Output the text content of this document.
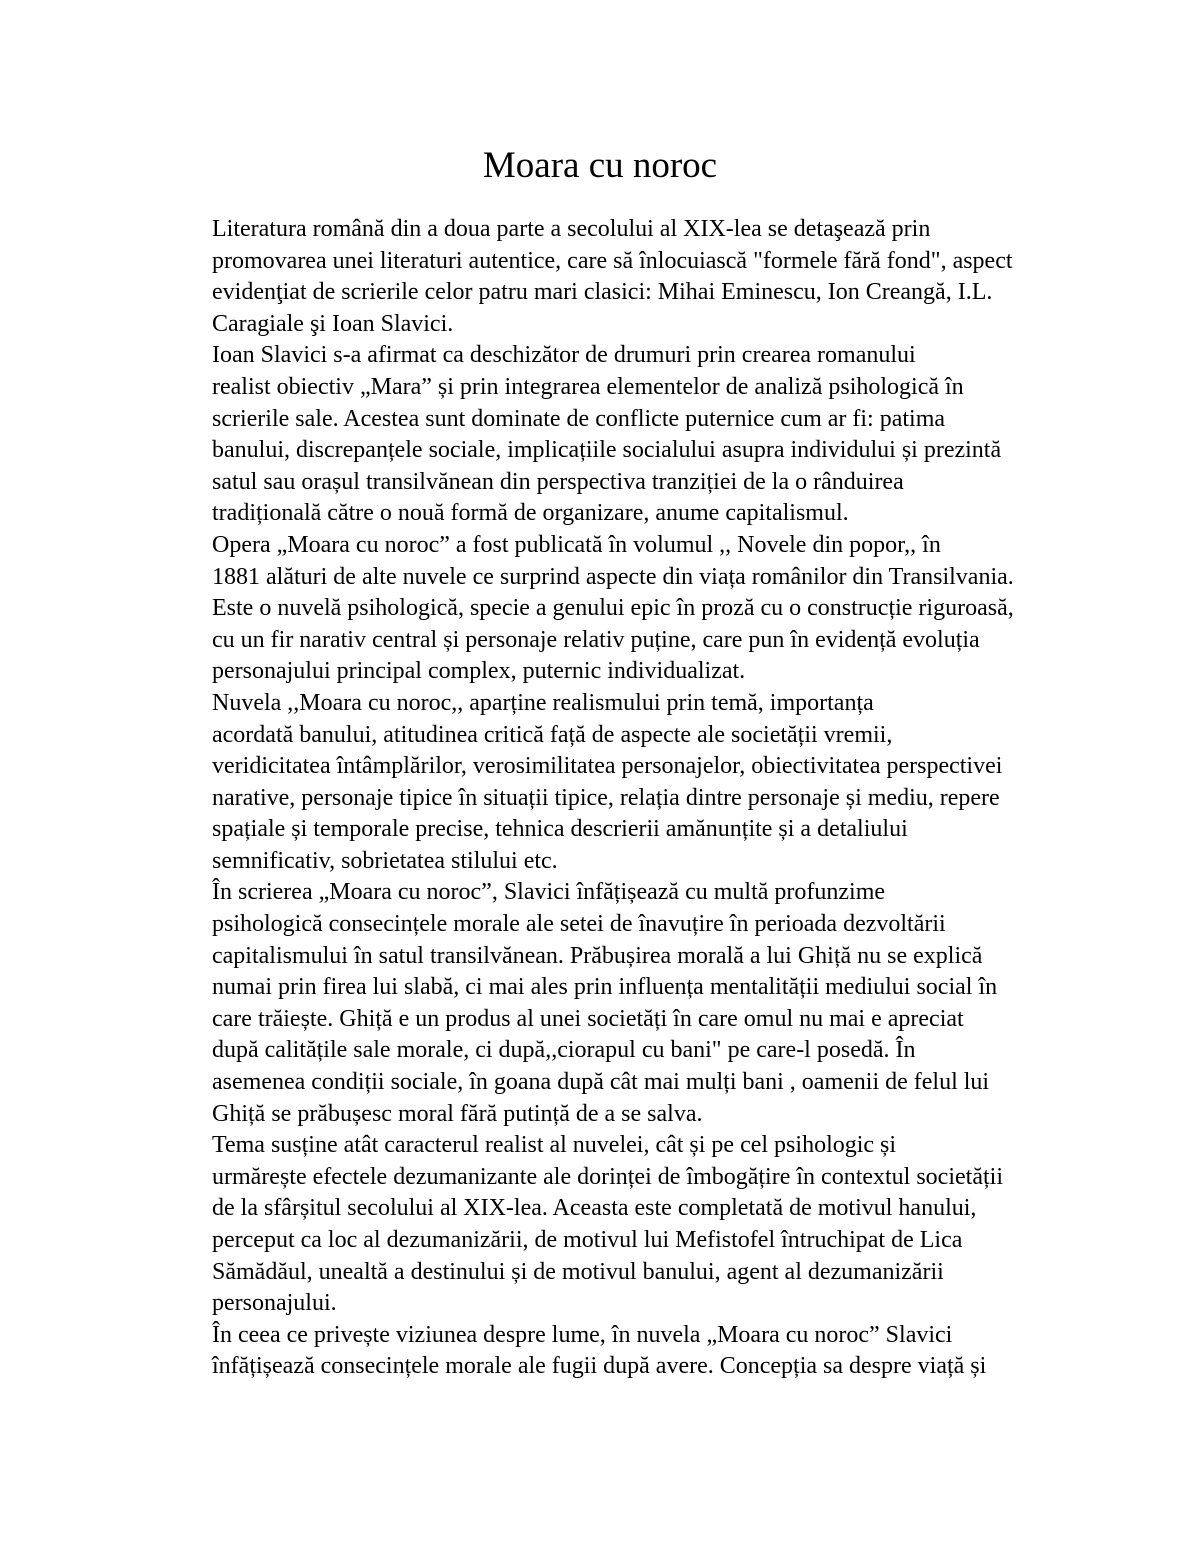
Moara cu noroc

Literatura română din a doua parte a secolului al XIX-lea se detaşează prin
promovarea unei literaturi autentice, care să înlocuiască "formele fără fond", aspect
evidenţiat de scrierile celor patru mari clasici: Mihai Eminescu, Ion Creangă, I.L.
Caragiale şi Ioan Slavici.

Ioan Slavici s-a afirmat ca deschizător de drumuri prin crearea romanului
realist obiectiv „Mara” și prin integrarea elementelor de analiză psihologică în
scrierile sale. Acestea sunt dominate de conflicte puternice cum ar fi: patima
banului, discrepanțele sociale, implicațiile socialului asupra individului și prezintă
satul sau orașul transilvănean din perspectiva tranziției de la o rânduirea
tradițională către o nouă formă de organizare, anume capitalismul.

Opera „Moara cu noroc” a fost publicată în volumul ,, Novele din popor,, în
1881 alături de alte nuvele ce surprind aspecte din viața românilor din Transilvania.
Este o nuvelă psihologică, specie a genului epic în proză cu o construcție riguroasă,
cu un fir narativ central și personaje relativ puține, care pun în evidență evoluția
personajului principal complex, puternic individualizat.

Nuvela ,,Moara cu noroc,, aparține realismului prin temă, importanța
acordată banului, atitudinea critică față de aspecte ale societății vremii,
veridicitatea întâmplărilor, verosimilitatea personajelor, obiectivitatea perspectivei
narative, personaje tipice în situații tipice, relația dintre personaje și mediu, repere
spațiale și temporale precise, tehnica descrierii amănunțite și a detaliului
semnificativ, sobrietatea stilului etc.

În scrierea „Moara cu noroc”, Slavici înfățișează cu multă profunzime
psihologică consecințele morale ale setei de înavuțire în perioada dezvoltării
capitalismului în satul transilvănean. Prăbușirea morală a lui Ghiță nu se explică
numai prin firea lui slabă, ci mai ales prin influența mentalității mediului social în
care trăiește. Ghiță e un produs al unei societăți în care omul nu mai e apreciat
după calitățile sale morale, ci după,,ciorapul cu bani" pe care-l posedă. În
asemenea condiții sociale, în goana după cât mai mulți bani , oamenii de felul lui
Ghiță se prăbușesc moral fără putință de a se salva.

Tema susține atât caracterul realist al nuvelei, cât și pe cel psihologic și
urmărește efectele dezumanizante ale dorinței de îmbogățire în contextul societății
de la sfârșitul secolului al XIX-lea. Aceasta este completată de motivul hanului,
perceput ca loc al dezumanizării, de motivul lui Mefistofel întruchipat de Lica
Sămădăul, unealtă a destinului și de motivul banului, agent al dezumanizării
personajului.

În ceea ce privește viziunea despre lume, în nuvela „Moara cu noroc” Slavici
înfățișează consecințele morale ale fugii după avere. Concepția sa despre viață și
